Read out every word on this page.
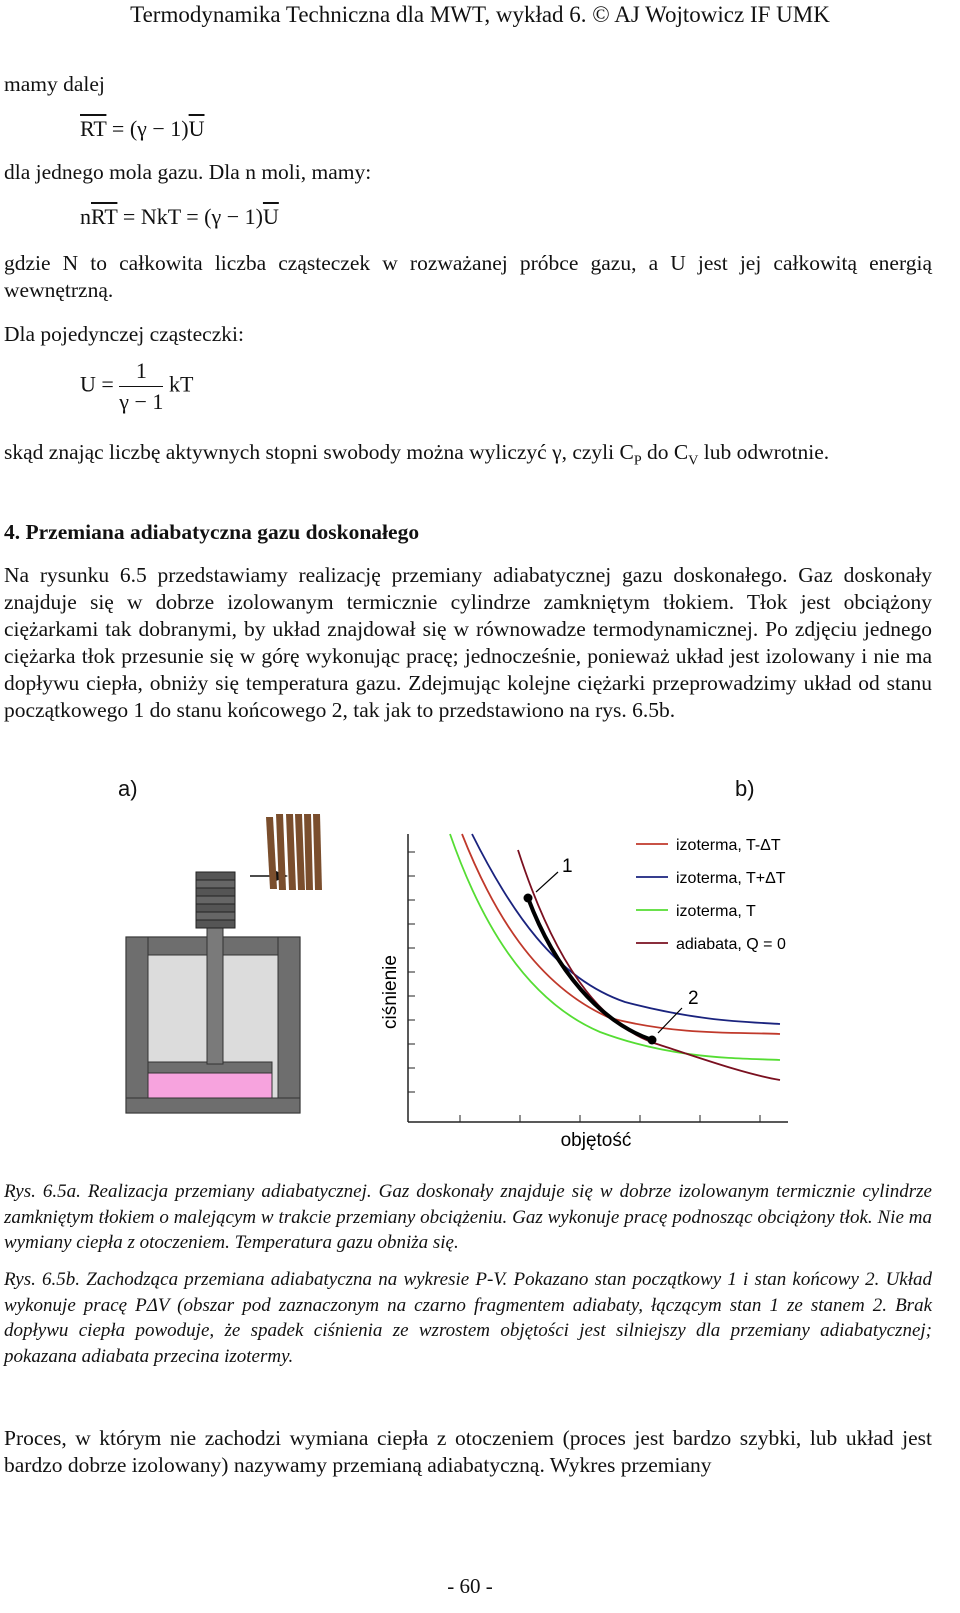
Termodynamika Techniczna dla MWT, wykład 6. © AJ Wojtowicz IF UMK
mamy dalej
$\overline{RT} = (\gamma - 1)\overline{U}$
dla jednego mola gazu. Dla n moli, mamy:
$n\overline{RT}$ = NkT = $(\gamma - 1)\overline{U}$
gdzie N to całkowita liczba cząsteczek w rozważanej próbce gazu, a U jest jej całkowitą energią wewnętrzną.
Dla pojedynczej cząsteczki:
$U = \frac{1}{\gamma - 1}$ kT
skąd znając liczbę aktywnych stopni swobody można wyliczyć γ, czyli $C_P$ do $C_V$ lub odwrotnie.
4. Przemiana adiabatyczna gazu doskonałego
Na rysunku 6.5 przedstawiamy realizację przemiany adiabatycznej gazu doskonałego. Gaz doskonały znajduje się w dobrze izolowanym termicznie cylindrze zamkniętym tłokiem. Tłok jest obciążony ciężarkami tak dobranymi, by układ znajdował się w równowadze termodynamicznej. Po zdjęciu jednego ciężarka tłok przesunie się w górę wykonując pracę; jednocześnie, ponieważ układ jest izolowany i nie ma dopływu ciepła, obniży się temperatura gazu. Zdejmując kolejne ciężarki przeprowadzimy układ od stanu początkowego 1 do stanu końcowego 2, tak jak to przedstawiono na rys. 6.5b.
1
2
ciśnienie
objętość
izoterma, T-ΔT
izoterma, T+ΔT
izoterma, T
adiabata, Q = 0
a)	b)
Rys. 6.5a. Realizacja przemiany adiabatycznej. Gaz doskonały znajduje się w dobrze izolowanym termicznie cylindrze zamkniętym tłokiem o malejącym w trakcie przemiany obciążeniu. Gaz wykonuje pracę podnosząc obciążony tłok. Nie ma wymiany ciepła z otoczeniem. Temperatura gazu obniża się.
Rys. 6.5b. Zachodząca przemiana adiabatyczna na wykresie P-V. Pokazano stan początkowy 1 i stan końcowy 2. Układ wykonuje pracę PΔV (obszar pod zaznaczonym na czarno fragmentem adiabaty, łączącym stan 1 ze stanem 2. Brak dopływu ciepła powoduje, że spadek ciśnienia ze wzrostem objętości jest silniejszy dla przemiany adiabatycznej; pokazana adiabata przecina izotermy.
Proces, w którym nie zachodzi wymiana ciepła z otoczeniem (proces jest bardzo szybki, lub układ jest bardzo dobrze izolowany) nazywamy przemianą adiabatyczną. Wykres przemiany
- 60 -
